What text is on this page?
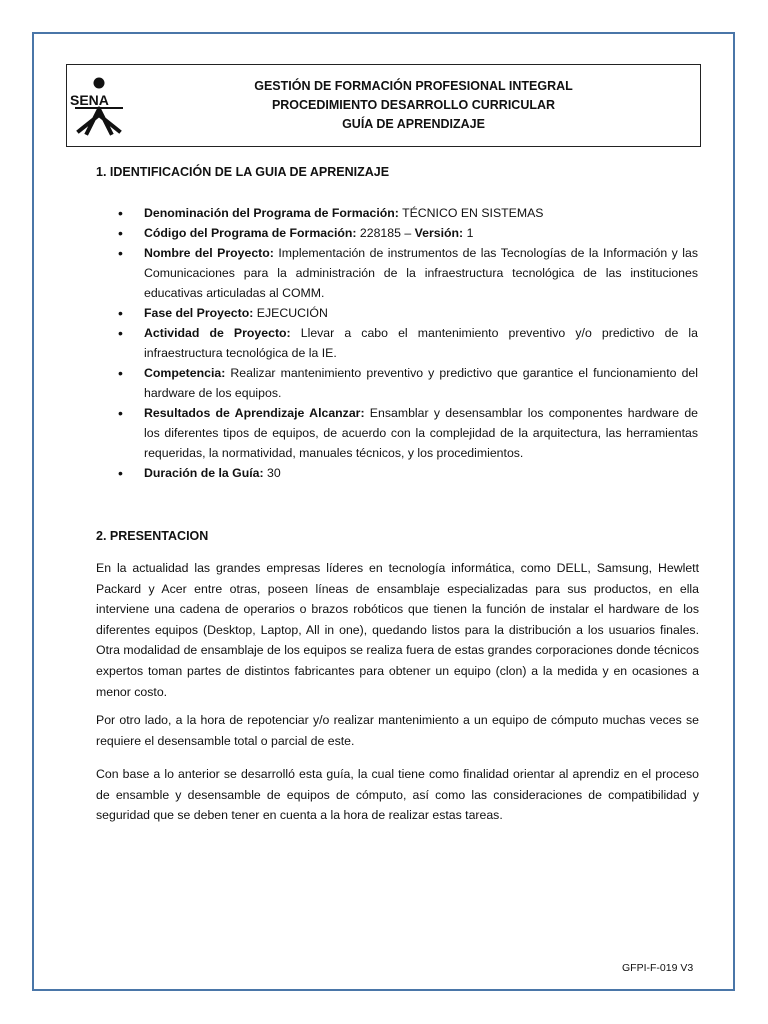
SENA
GESTIÓN DE FORMACIÓN PROFESIONAL INTEGRAL
PROCEDIMIENTO DESARROLLO CURRICULAR
GUÍA DE APRENDIZAJE
1. IDENTIFICACIÓN DE LA GUIA DE APRENIZAJE
• Denominación del Programa de Formación: TÉCNICO EN SISTEMAS
• Código del Programa de Formación: 228185 – Versión: 1
• Nombre del Proyecto: Implementación de instrumentos de las Tecnologías de la Información y las Comunicaciones para la administración de la infraestructura tecnológica de las instituciones educativas articuladas al COMM.
• Fase del Proyecto: EJECUCIÓN
• Actividad de Proyecto: Llevar a cabo el mantenimiento preventivo y/o predictivo de la infraestructura tecnológica de la IE.
• Competencia: Realizar mantenimiento preventivo y predictivo que garantice el funcionamiento del hardware de los equipos.
• Resultados de Aprendizaje Alcanzar: Ensamblar y desensamblar los componentes hardware de los diferentes tipos de equipos, de acuerdo con la complejidad de la arquitectura, las herramientas requeridas, la normatividad, manuales técnicos, y los procedimientos.
• Duración de la Guía: 30
2. PRESENTACION

En la actualidad las grandes empresas líderes en tecnología informática, como DELL, Samsung, Hewlett Packard y Acer entre otras, poseen líneas de ensamblaje especializadas para sus productos, en ella interviene una cadena de operarios o brazos robóticos que tienen la función de instalar el hardware de los diferentes equipos (Desktop, Laptop, All in one), quedando listos para la distribución a los usuarios finales. Otra modalidad de ensamblaje de los equipos se realiza fuera de estas grandes corporaciones donde técnicos expertos toman partes de distintos fabricantes para obtener un equipo (clon) a la medida y en ocasiones a menor costo.

Por otro lado, a la hora de repotenciar y/o realizar mantenimiento a un equipo de cómputo muchas veces se requiere el desensamble total o parcial de este.

Con base a lo anterior se desarrolló esta guía, la cual tiene como finalidad orientar al aprendiz en el proceso de ensamble y desensamble de equipos de cómputo, así como las consideraciones de compatibilidad y seguridad que se deben tener en cuenta a la hora de realizar estas tareas.

GFPI-F-019 V3
